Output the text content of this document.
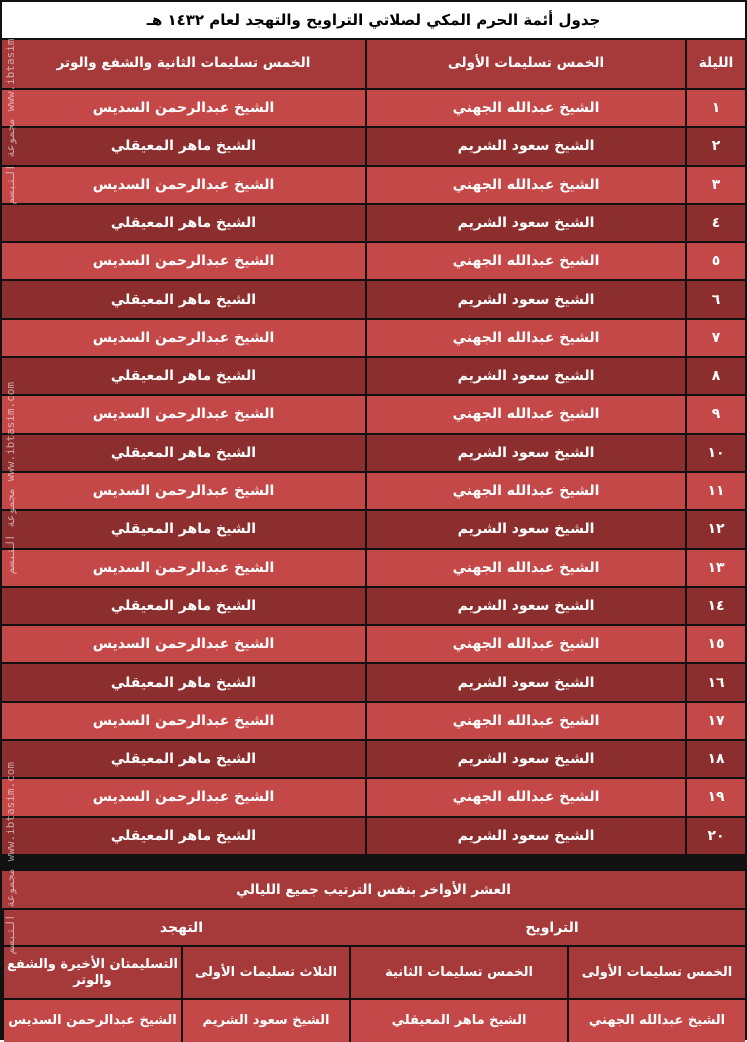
جدول أئمة الحرم المكي لصلاتي التراويح والتهجد لعام ١٤٣٢ هـ
الليلة
الخمس تسليمات الأولى
الخمس تسليمات الثانية والشفع والوتر
١
الشيخ عبدالله الجهني
الشيخ عبدالرحمن السديس
٢
الشيخ سعود الشريم
الشيخ ماهر المعيقلي
٣
الشيخ عبدالله الجهني
الشيخ عبدالرحمن السديس
٤
الشيخ سعود الشريم
الشيخ ماهر المعيقلي
٥
الشيخ عبدالله الجهني
الشيخ عبدالرحمن السديس
٦
الشيخ سعود الشريم
الشيخ ماهر المعيقلي
٧
الشيخ عبدالله الجهني
الشيخ عبدالرحمن السديس
٨
الشيخ سعود الشريم
الشيخ ماهر المعيقلي
٩
الشيخ عبدالله الجهني
الشيخ عبدالرحمن السديس
١٠
الشيخ سعود الشريم
الشيخ ماهر المعيقلي
١١
الشيخ عبدالله الجهني
الشيخ عبدالرحمن السديس
١٢
الشيخ سعود الشريم
الشيخ ماهر المعيقلي
١٣
الشيخ عبدالله الجهني
الشيخ عبدالرحمن السديس
١٤
الشيخ سعود الشريم
الشيخ ماهر المعيقلي
١٥
الشيخ عبدالله الجهني
الشيخ عبدالرحمن السديس
١٦
الشيخ سعود الشريم
الشيخ ماهر المعيقلي
١٧
الشيخ عبدالله الجهني
الشيخ عبدالرحمن السديس
١٨
الشيخ سعود الشريم
الشيخ ماهر المعيقلي
١٩
الشيخ عبدالله الجهني
الشيخ عبدالرحمن السديس
٢٠
الشيخ سعود الشريم
الشيخ ماهر المعيقلي
العشر الأواخر بنفس الترتيب جميع الليالي
التراويح
التهجد
الخمس تسليمات الأولى
الخمس تسليمات الثانية
الثلاث تسليمات الأولى
التسليمتان الأخيرة والشفع والوتر
الشيخ عبدالله الجهني
الشيخ ماهر المعيقلي
الشيخ سعود الشريم
الشيخ عبدالرحمن السديس
مجموعة التبسم www.ibtasim.com
مجموعة التبسم www.ibtasim.com
مجموعة التبسم www.ibtasim.com
